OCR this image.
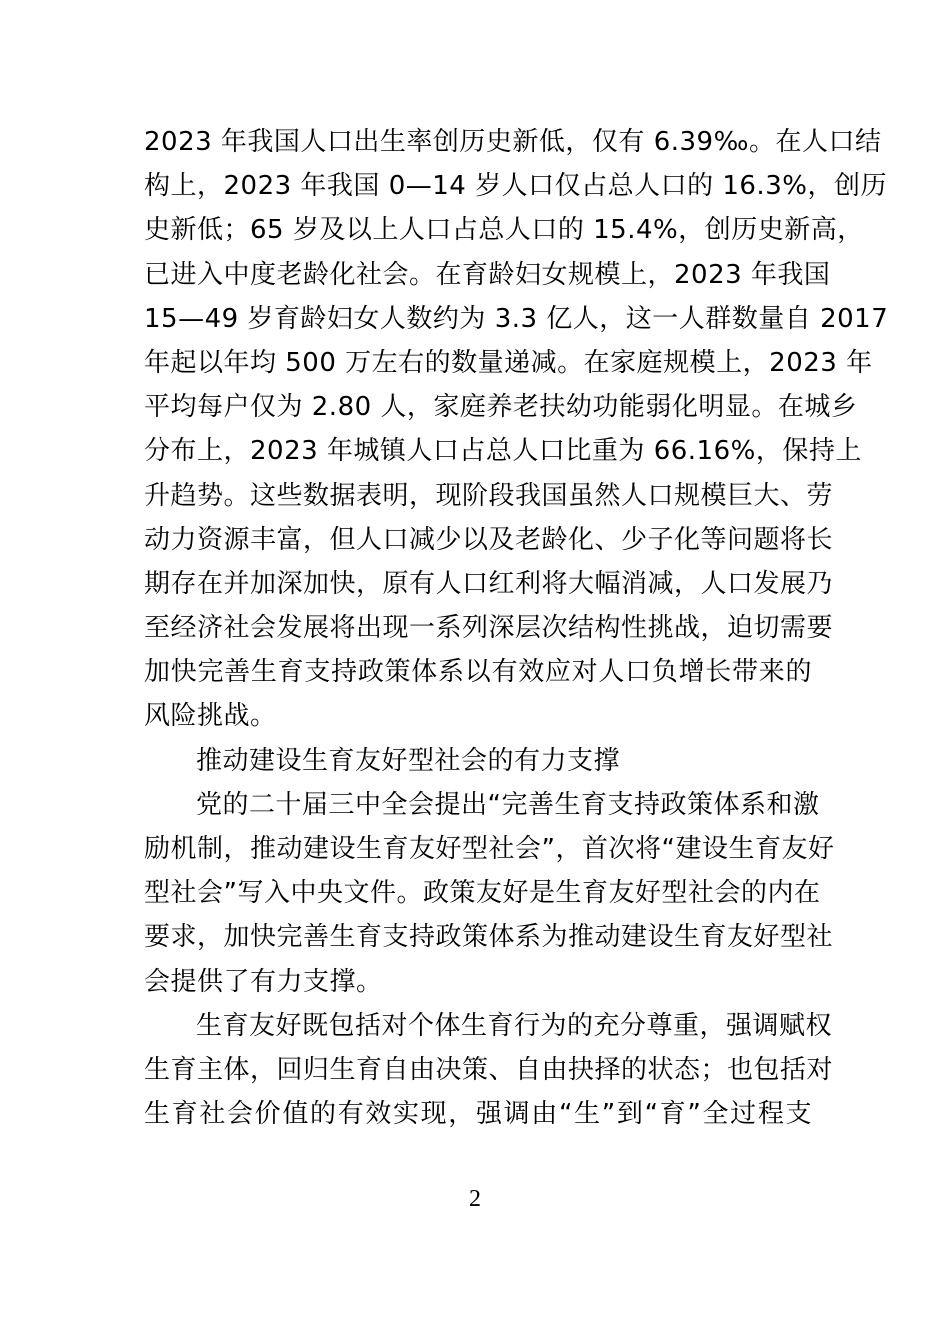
2023 年我国人口出生率创历史新低，仅有 6.39‰。在人口结
构上，2023 年我国 0—14 岁人口仅占总人口的 16.3%，创历
史新低；65 岁及以上人口占总人口的 15.4%，创历史新高，
已进入中度老龄化社会。在育龄妇女规模上，2023 年我国
15—49 岁育龄妇女人数约为 3.3 亿人，这一人群数量自 2017
年起以年均 500 万左右的数量递减。在家庭规模上，2023 年
平均每户仅为 2.80 人，家庭养老扶幼功能弱化明显。在城乡
分布上，2023 年城镇人口占总人口比重为 66.16%，保持上
升趋势。这些数据表明，现阶段我国虽然人口规模巨大、劳
动力资源丰富，但人口减少以及老龄化、少子化等问题将长
期存在并加深加快，原有人口红利将大幅消减，人口发展乃
至经济社会发展将出现一系列深层次结构性挑战，迫切需要
加快完善生育支持政策体系以有效应对人口负增长带来的
风险挑战。
推动建设生育友好型社会的有力支撑
党的二十届三中全会提出“完善生育支持政策体系和激
励机制，推动建设生育友好型社会”，首次将“建设生育友好
型社会”写入中央文件。政策友好是生育友好型社会的内在
要求，加快完善生育支持政策体系为推动建设生育友好型社
会提供了有力支撑。
生育友好既包括对个体生育行为的充分尊重，强调赋权
生育主体，回归生育自由决策、自由抉择的状态；也包括对
生育社会价值的有效实现，强调由“生”到“育”全过程支
2
